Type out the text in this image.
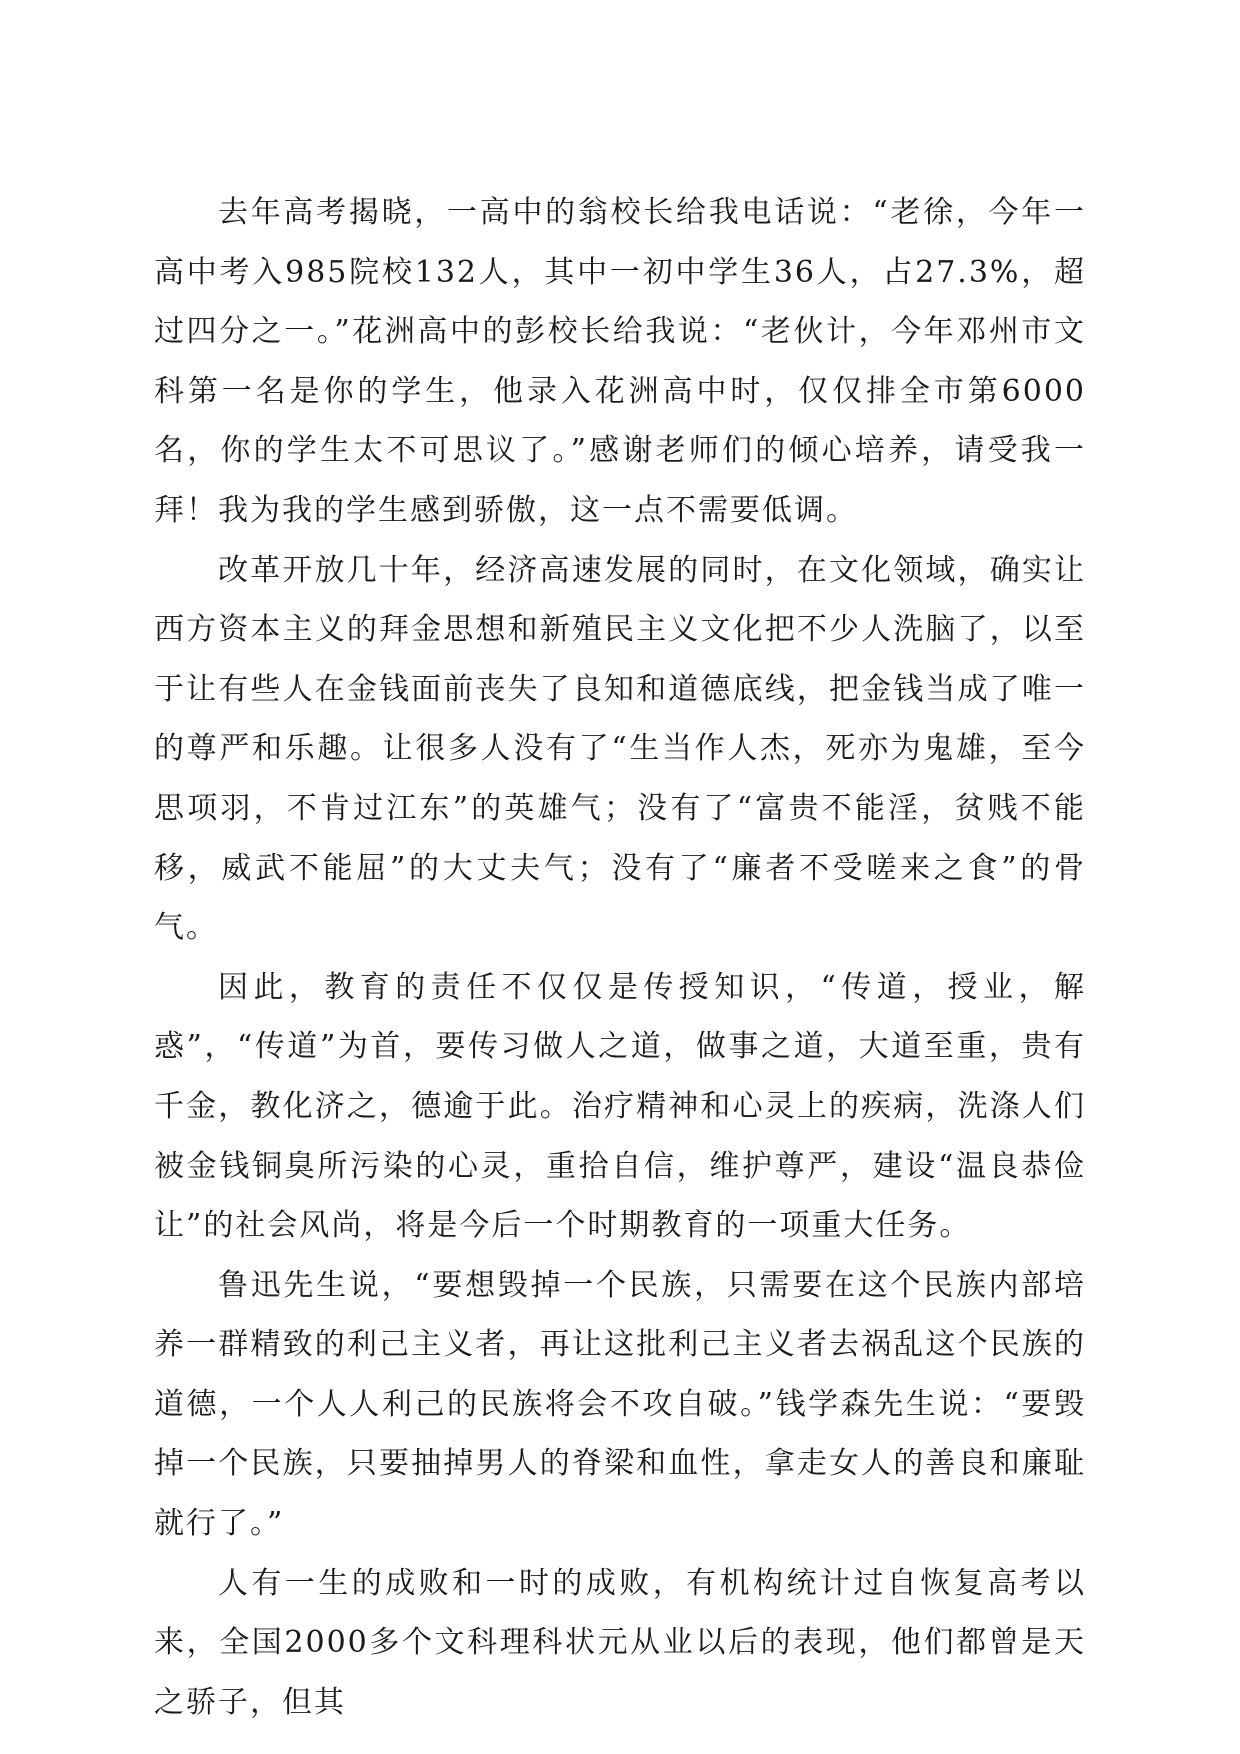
去年高考揭晓，一高中的翁校长给我电话说：“老徐，今年一高中考入985院校132人，其中一初中学生36人，占27.3%，超过四分之一。”花洲高中的彭校长给我说：“老伙计，今年邓州市文科第一名是你的学生，他录入花洲高中时，仅仅排全市第6000名，你的学生太不可思议了。”感谢老师们的倾心培养，请受我一拜！我为我的学生感到骄傲，这一点不需要低调。

改革开放几十年，经济高速发展的同时，在文化领域，确实让西方资本主义的拜金思想和新殖民主义文化把不少人洗脑了，以至于让有些人在金钱面前丧失了良知和道德底线，把金钱当成了唯一的尊严和乐趣。让很多人没有了“生当作人杰，死亦为鬼雄，至今思项羽，不肯过江东”的英雄气；没有了“富贵不能淫，贫贱不能移，威武不能屈”的大丈夫气；没有了“廉者不受嗟来之食”的骨气。

因此，教育的责任不仅仅是传授知识，“传道，授业，解惑”，“传道”为首，要传习做人之道，做事之道，大道至重，贵有千金，教化济之，德逾于此。治疗精神和心灵上的疾病，洗涤人们被金钱铜臭所污染的心灵，重拾自信，维护尊严，建设“温良恭俭让”的社会风尚，将是今后一个时期教育的一项重大任务。

鲁迅先生说，“要想毁掉一个民族，只需要在这个民族内部培养一群精致的利己主义者，再让这批利己主义者去祸乱这个民族的道德，一个人人利己的民族将会不攻自破。”钱学森先生说：“要毁掉一个民族，只要抽掉男人的脊梁和血性，拿走女人的善良和廉耻就行了。”

人有一生的成败和一时的成败，有机构统计过自恢复高考以来，全国2000多个文科理科状元从业以后的表现，他们都曾是天之骄子，但其
